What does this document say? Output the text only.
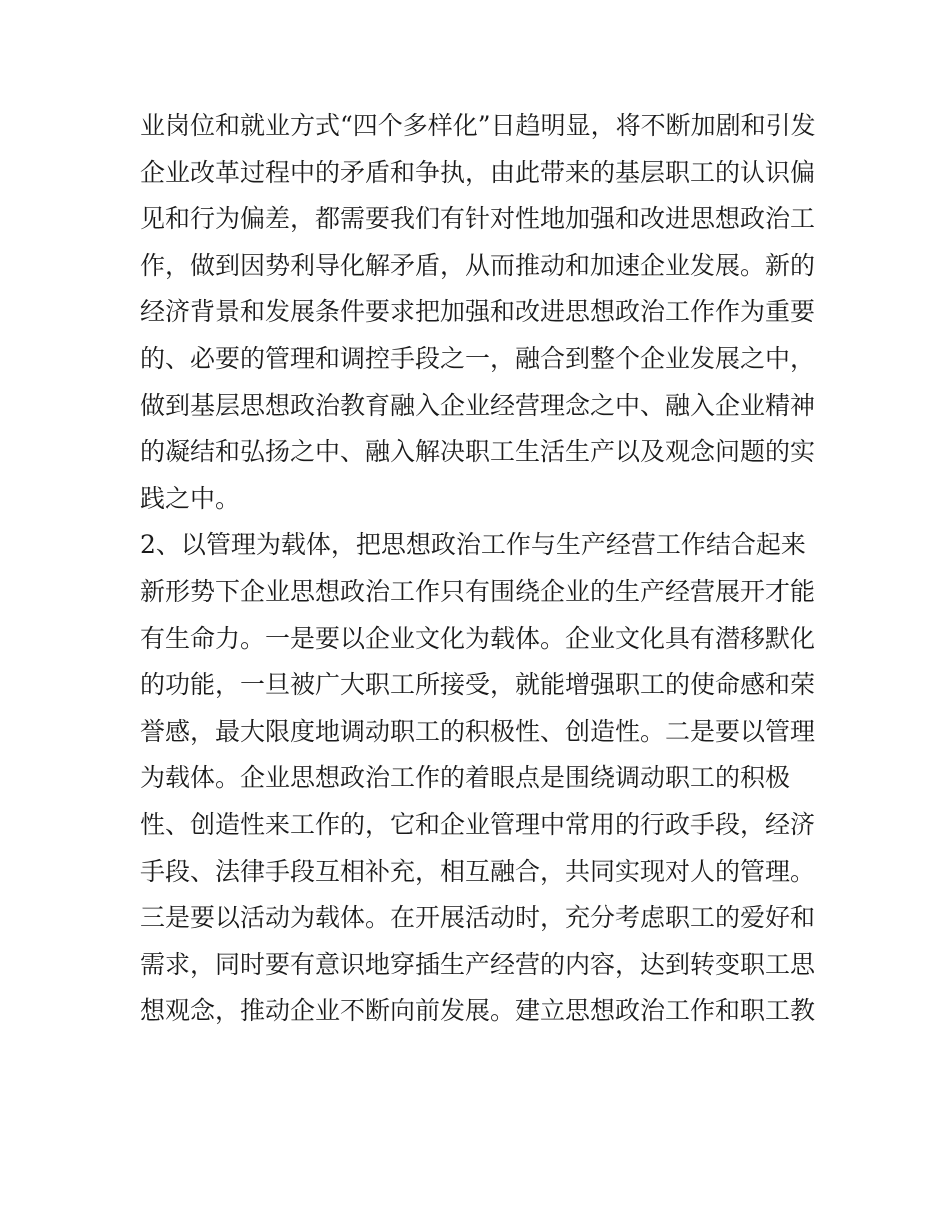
业岗位和就业方式“四个多样化”日趋明显，将不断加剧和引发
企业改革过程中的矛盾和争执，由此带来的基层职工的认识偏
见和行为偏差，都需要我们有针对性地加强和改进思想政治工
作，做到因势利导化解矛盾，从而推动和加速企业发展。新的
经济背景和发展条件要求把加强和改进思想政治工作作为重要
的、必要的管理和调控手段之一，融合到整个企业发展之中，
做到基层思想政治教育融入企业经营理念之中、融入企业精神
的凝结和弘扬之中、融入解决职工生活生产以及观念问题的实
践之中。
2、以管理为载体，把思想政治工作与生产经营工作结合起来
新形势下企业思想政治工作只有围绕企业的生产经营展开才能
有生命力。一是要以企业文化为载体。企业文化具有潜移默化
的功能，一旦被广大职工所接受，就能增强职工的使命感和荣
誉感，最大限度地调动职工的积极性、创造性。二是要以管理
为载体。企业思想政治工作的着眼点是围绕调动职工的积极
性、创造性来工作的，它和企业管理中常用的行政手段，经济
手段、法律手段互相补充，相互融合，共同实现对人的管理。
三是要以活动为载体。在开展活动时，充分考虑职工的爱好和
需求，同时要有意识地穿插生产经营的内容，达到转变职工思
想观念，推动企业不断向前发展。建立思想政治工作和职工教
